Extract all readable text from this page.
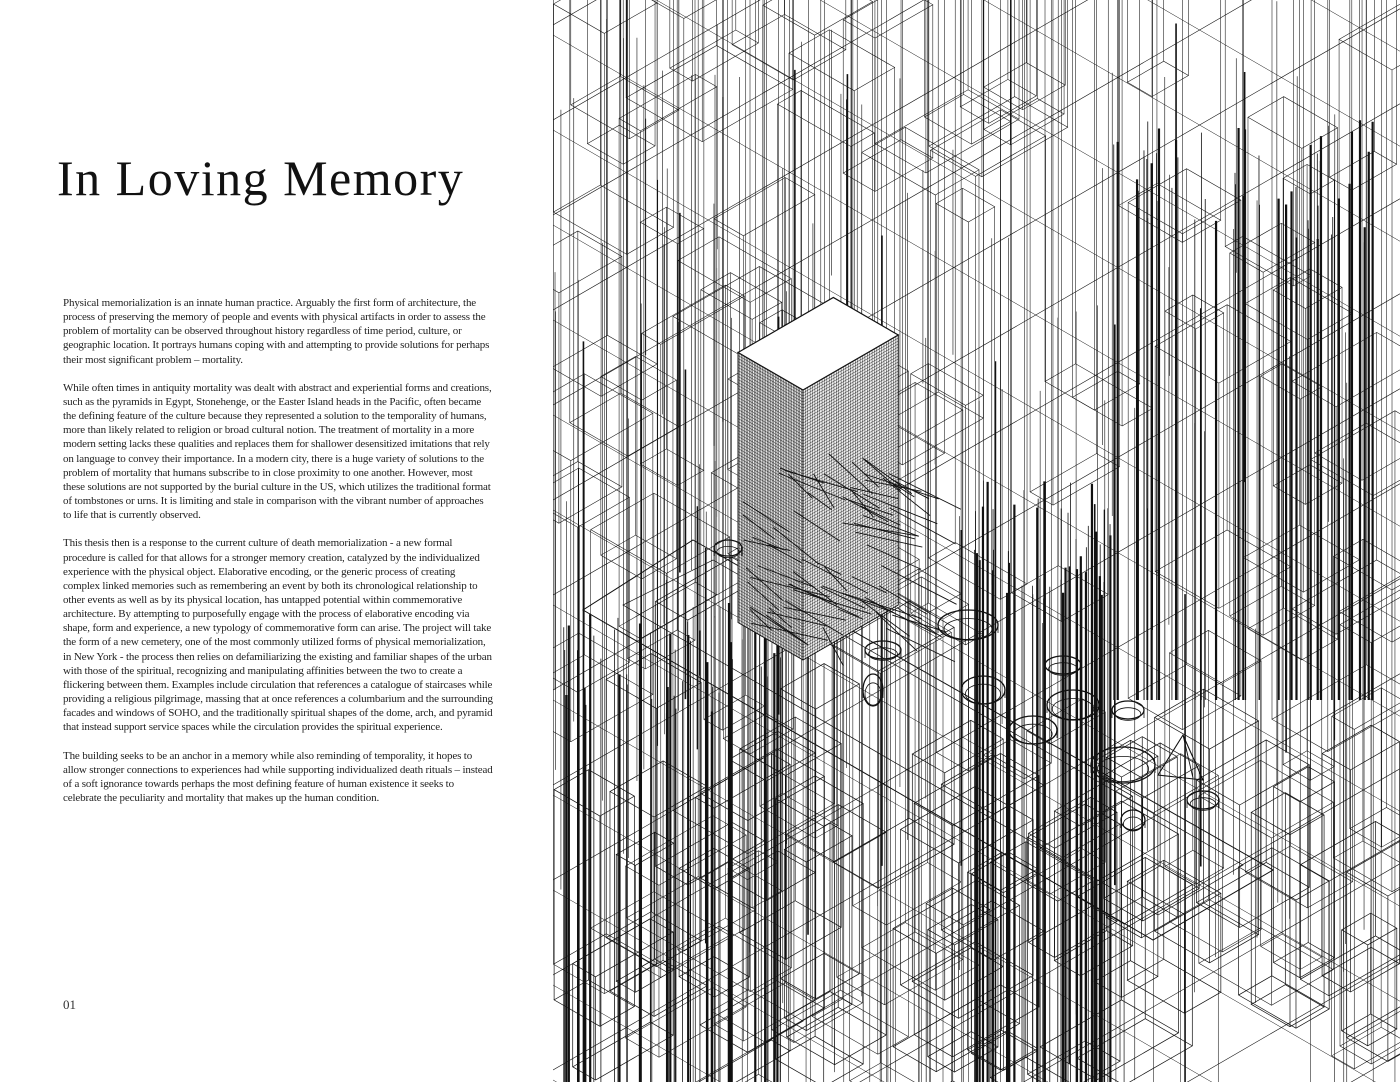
In Loving Memory

Physical memorialization is an innate human practice. Arguably the first form of architecture, the process of preserving the memory of people and events with physical artifacts in order to assess the problem of mortality can be observed throughout history regardless of time period, culture, or geographic location. It portrays humans coping with and attempting to provide solutions for perhaps their most significant problem – mortality.

While often times in antiquity mortality was dealt with abstract and experiential forms and creations, such as the pyramids in Egypt, Stonehenge, or the Easter Island heads in the Pacific, often became the defining feature of the culture because they represented a solution to the temporality of humans, more than likely related to religion or broad cultural notion. The treatment of mortality in a more modern setting lacks these qualities and replaces them for shallower desensitized imitations that rely on language to convey their importance. In a modern city, there is a huge variety of solutions to the problem of mortality that humans subscribe to in close proximity to one another. However, most these solutions are not supported by the burial culture in the US, which utilizes the traditional format of tombstones or urns. It is limiting and stale in comparison with the vibrant number of approaches to life that is currently observed.

This thesis then is a response to the current culture of death memorialization - a new formal procedure is called for that allows for a stronger memory creation, catalyzed by the individualized experience with the physical object. Elaborative encoding, or the generic process of creating complex linked memories such as remembering an event by both its chronological relationship to other events as well as by its physical location, has untapped potential within commemorative architecture. By attempting to purposefully engage with the process of elaborative encoding via shape, form and experience, a new typology of commemorative form can arise. The project will take the form of a new cemetery, one of the most commonly utilized forms of physical memorialization, in New York - the process then relies on defamiliarizing the existing and familiar shapes of the urban with those of the spiritual, recognizing and manipulating affinities between the two to create a flickering between them. Examples include circulation that references a catalogue of staircases while providing a religious pilgrimage, massing that at once references a columbarium and the surrounding facades and windows of SOHO, and the traditionally spiritual shapes of the dome, arch, and pyramid that instead support service spaces while the circulation provides the spiritual experience.

The building seeks to be an anchor in a memory while also reminding of temporality, it hopes to allow stronger connections to experiences had while supporting individualized death rituals – instead of a soft ignorance towards perhaps the most defining feature of human existence it seeks to celebrate the peculiarity and mortality that makes up the human condition.

01
